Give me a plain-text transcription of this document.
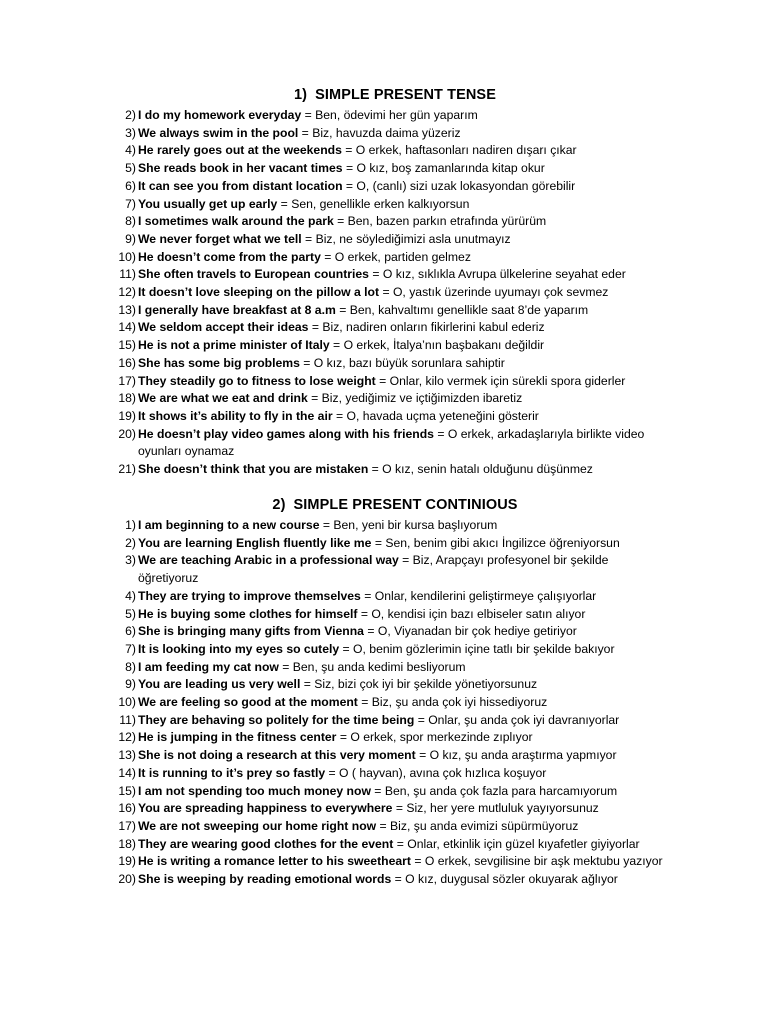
1) SIMPLE PRESENT TENSE
2) I do my homework everyday = Ben, ödevimi her gün yaparım
3) We always swim in the pool = Biz, havuzda daima yüzeriz
4) He rarely goes out at the weekends = O erkek, haftasonları nadiren dışarı çıkar
5) She reads book in her vacant times = O kız, boş zamanlarında kitap okur
6) It can see you from distant location = O, (canlı) sizi uzak lokasyondan görebilir
7) You usually get up early = Sen, genellikle erken kalkıyorsun
8) I sometimes walk around the park = Ben, bazen parkın etrafında yürürüm
9) We never forget what we tell = Biz, ne söylediğimizi asla unutmayız
10) He doesn’t come from the party = O erkek, partiden gelmez
11) She often travels to European countries = O kız, sıklıkla Avrupa ülkelerine seyahat eder
12) It doesn’t love sleeping on the pillow a lot = O, yastık üzerinde uyumayı çok sevmez
13) I generally have breakfast at 8 a.m = Ben, kahvaltımı genellikle saat 8’de yaparım
14) We seldom accept their ideas = Biz, nadiren onların fikirlerini kabul ederiz
15) He is not a prime minister of Italy = O erkek, İtalya’nın başbakanı değildir
16) She has some big problems = O kız, bazı büyük sorunlara sahiptir
17) They steadily go to fitness to lose weight = Onlar, kilo vermek için sürekli spora giderler
18) We are what we eat and drink = Biz, yediğimiz ve içtiğimizden ibaretiz
19) It shows it’s ability to fly in the air = O, havada uçma yeteneğini gösterir
20) He doesn’t play video games along with his friends = O erkek, arkadaşlarıyla birlikte video oyunları oynamaz
21) She doesn’t think that you are mistaken = O kız, senin hatalı olduğunu düşünmez
2) SIMPLE PRESENT CONTINIOUS
1) I am beginning to a new course = Ben, yeni bir kursa başlıyorum
2) You are learning English fluently like me = Sen, benim gibi akıcı İngilizce öğreniyorsun
3) We are teaching Arabic in a professional way = Biz, Arapçayı profesyonel bir şekilde öğretiyoruz
4) They are trying to improve themselves = Onlar, kendilerini geliştirmeye çalışıyorlar
5) He is buying some clothes for himself = O, kendisi için bazı elbiseler satın alıyor
6) She is bringing many gifts from Vienna = O, Viyanadan bir çok hediye getiriyor
7) It is looking into my eyes so cutely = O, benim gözlerimin içine tatlı bir şekilde bakıyor
8) I am feeding my cat now = Ben, şu anda kedimi besliyorum
9) You are leading us very well = Siz, bizi çok iyi bir şekilde yönetiyorsunuz
10) We are feeling so good at the moment = Biz, şu anda çok iyi hissediyoruz
11) They are behaving so politely for the time being = Onlar, şu anda çok iyi davranıyorlar
12) He is jumping in the fitness center = O erkek, spor merkezinde zıplıyor
13) She is not doing a research at this very moment = O kız, şu anda araştırma yapmıyor
14) It is running to it’s prey so fastly = O ( hayvan), avına çok hızlıca koşuyor
15) I am not spending too much money now = Ben, şu anda çok fazla para harcamıyorum
16) You are spreading happiness to everywhere = Siz, her yere mutluluk yayıyorsunuz
17) We are not sweeping our home right now = Biz, şu anda evimizi süpürmüyoruz
18) They are wearing good clothes for the event = Onlar, etkinlik için güzel kıyafetler giyiyorlar
19) He is writing a romance letter to his sweetheart = O erkek, sevgilisine bir aşk mektubu yazıyor
20) She is weeping by reading emotional words = O kız, duygusal sözler okuyarak ağlıyor
